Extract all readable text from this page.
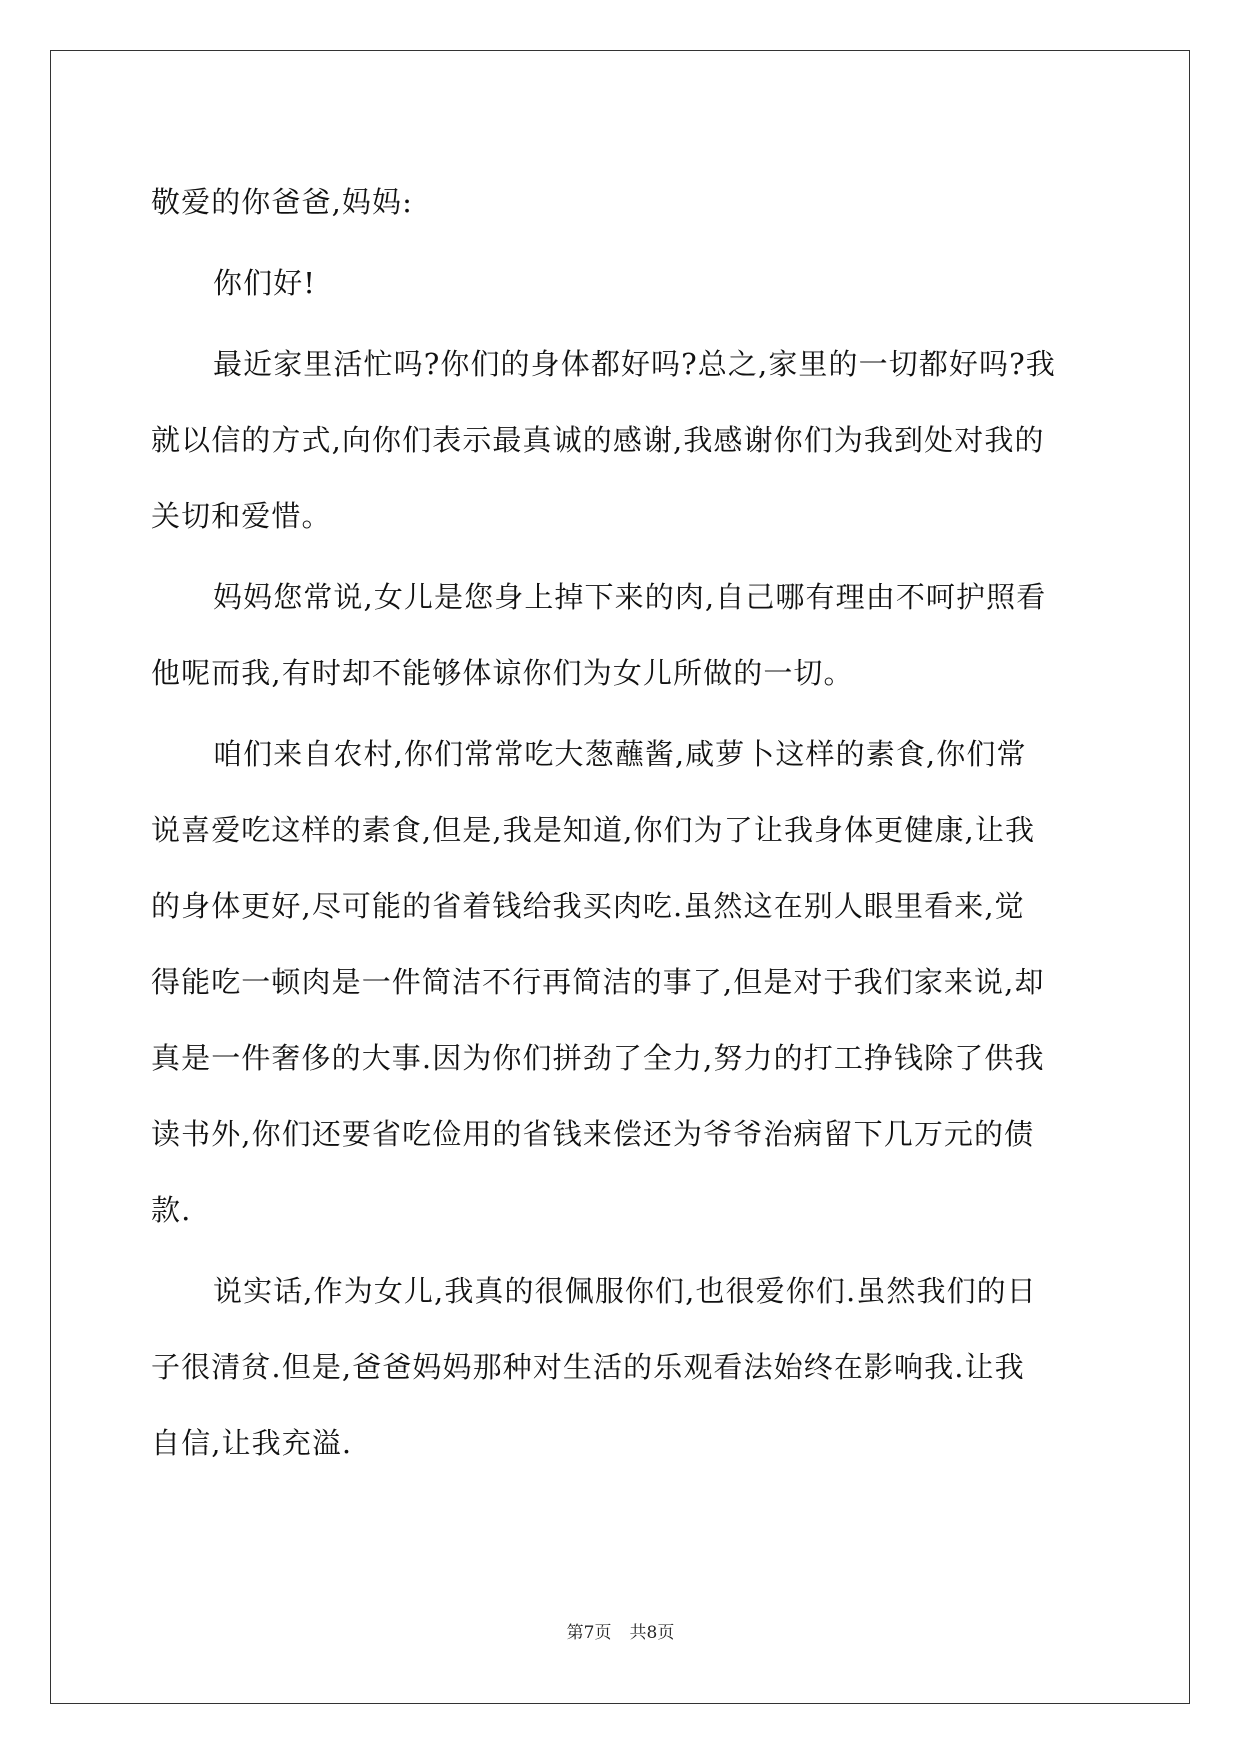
敬爱的你爸爸,妈妈:
你们好!
最近家里活忙吗?你们的身体都好吗?总之,家里的一切都好吗?我
就以信的方式,向你们表示最真诚的感谢,我感谢你们为我到处对我的
关切和爱惜。
妈妈您常说,女儿是您身上掉下来的肉,自己哪有理由不呵护照看
他呢而我,有时却不能够体谅你们为女儿所做的一切。
咱们来自农村,你们常常吃大葱蘸酱,咸萝卜这样的素食,你们常
说喜爱吃这样的素食,但是,我是知道,你们为了让我身体更健康,让我
的身体更好,尽可能的省着钱给我买肉吃.虽然这在别人眼里看来,觉
得能吃一顿肉是一件简洁不行再简洁的事了,但是对于我们家来说,却
真是一件奢侈的大事.因为你们拼劲了全力,努力的打工挣钱除了供我
读书外,你们还要省吃俭用的省钱来偿还为爷爷治病留下几万元的债
款.
说实话,作为女儿,我真的很佩服你们,也很爱你们.虽然我们的日
子很清贫.但是,爸爸妈妈那种对生活的乐观看法始终在影响我.让我
自信,让我充溢.
第7页 共8页
